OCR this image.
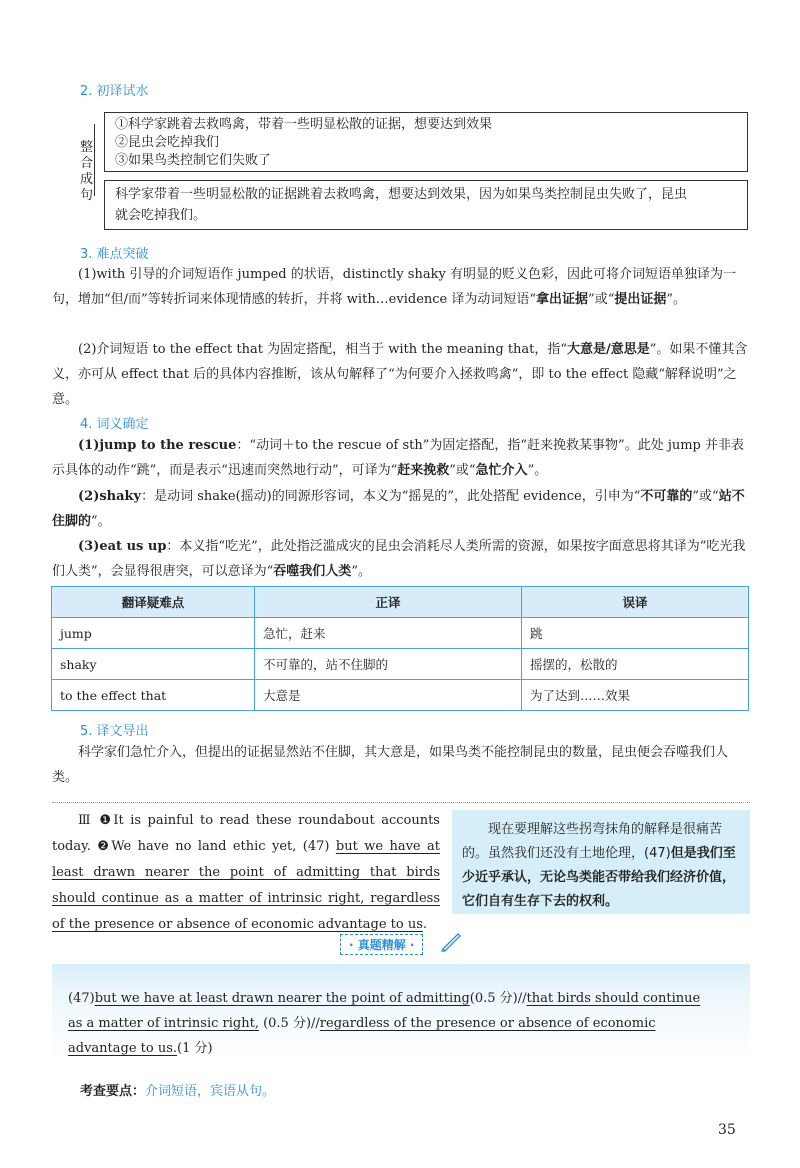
2. 初译试水
整合成句
①科学家跳着去救鸣禽，带着一些明显松散的证据，想要达到效果
②昆虫会吃掉我们
③如果鸟类控制它们失败了
科学家带着一些明显松散的证据跳着去救鸣禽，想要达到效果，因为如果鸟类控制昆虫失败了，昆虫
就会吃掉我们。
3. 难点突破

(1)with 引导的介词短语作 jumped 的状语，distinctly shaky 有明显的贬义色彩，因此可将介词短语单独译为一句，增加“但/而”等转折词来体现情感的转折，并将 with…evidence 译为动词短语“拿出证据”或“提出证据”。

(2)介词短语 to the effect that 为固定搭配，相当于 with the meaning that，指“大意是/意思是”。如果不懂其含义，亦可从 effect that 后的具体内容推断，该从句解释了“为何要介入拯救鸣禽”，即 to the effect 隐藏“解释说明”之意。

4. 词义确定

(1)jump to the rescue：“动词＋to the rescue of sth”为固定搭配，指“赶来挽救某事物”。此处 jump 并非表示具体的动作“跳”，而是表示“迅速而突然地行动”，可译为“赶来挽救”或“急忙介入”。

(2)shaky：是动词 shake(摇动)的同源形容词，本义为“摇晃的”，此处搭配 evidence，引申为“不可靠的”或“站不住脚的”。

(3)eat us up：本义指“吃光”，此处指泛滥成灾的昆虫会消耗尽人类所需的资源，如果按字面意思将其译为“吃光我们人类”，会显得很唐突，可以意译为“吞噬我们人类”。

翻译疑难点	正译	误译
jump	急忙，赶来	跳
shaky	不可靠的，站不住脚的	摇摆的，松散的
to the effect that	大意是	为了达到……效果
5. 译文导出

科学家们急忙介入，但提出的证据显然站不住脚，其大意是，如果鸟类不能控制昆虫的数量，昆虫便会吞噬我们人类。

Ⅲ ❶It is painful to read these roundabout accounts today. ❷We have no land ethic yet, (47) but we have at least drawn nearer the point of admitting that birds should continue as a matter of intrinsic right, regardless of the presence or absence of economic advantage to us.
现在要理解这些拐弯抹角的解释是很痛苦的。虽然我们还没有土地伦理，(47)但是我们至少近乎承认，无论鸟类能否带给我们经济价值，它们自有生存下去的权利。
· 真题精解 ·
(47)but we have at least drawn nearer the point of admitting(0.5 分)//that birds should continue
as a matter of intrinsic right, (0.5 分)//regardless of the presence or absence of economic
advantage to us.(1 分)
考查要点：介词短语，宾语从句。
35
